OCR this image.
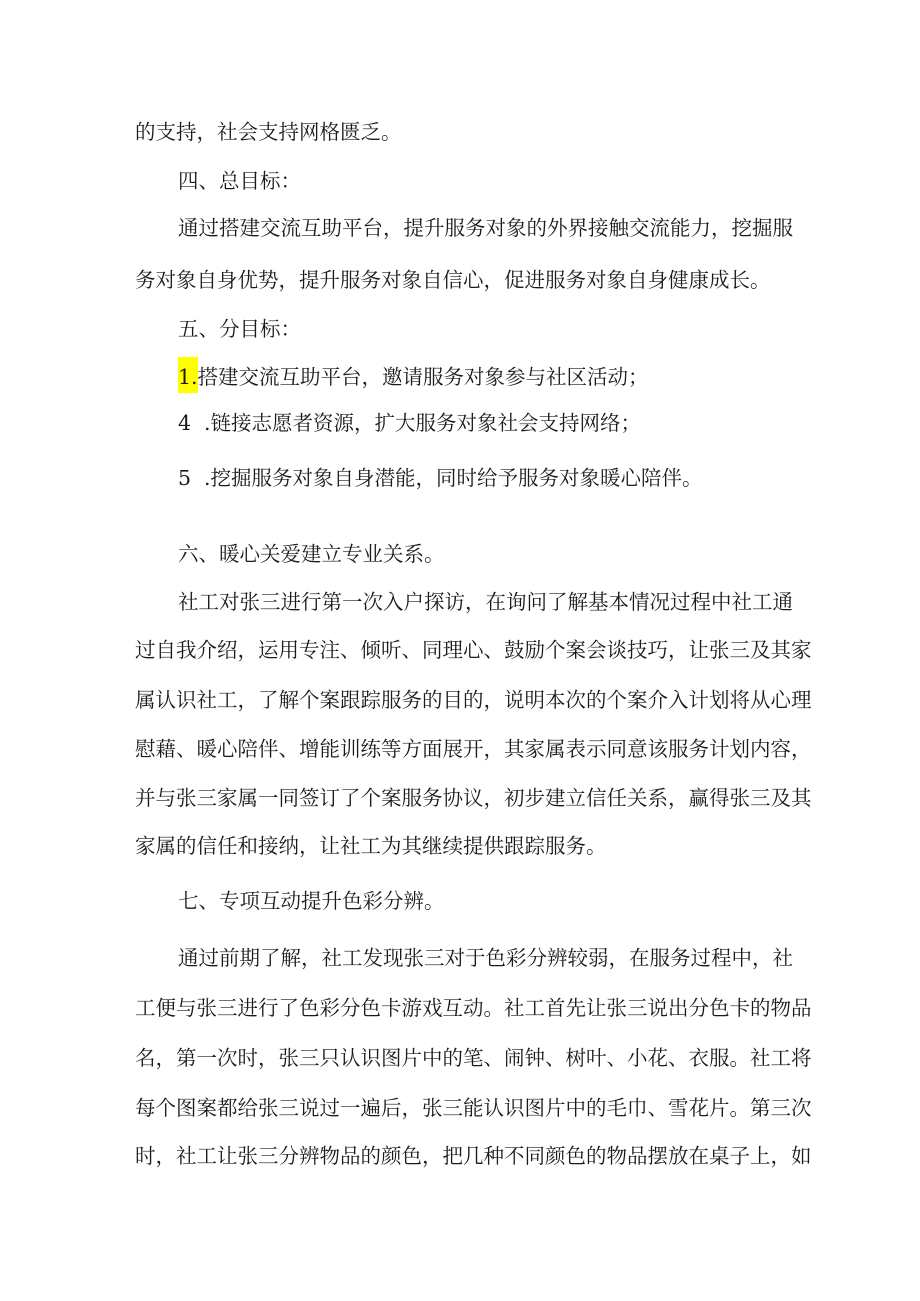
的支持，社会支持网格匮乏。
四、总目标：
通过搭建交流互助平台，提升服务对象的外界接触交流能力，挖掘服
务对象自身优势，提升服务对象自信心，促进服务对象自身健康成长。
五、分目标：
1.搭建交流互助平台，邀请服务对象参与社区活动；
4 .链接志愿者资源，扩大服务对象社会支持网络；
5 .挖掘服务对象自身潜能，同时给予服务对象暖心陪伴。
六、暖心关爱建立专业关系。
社工对张三进行第一次入户探访，在询问了解基本情况过程中社工通
过自我介绍，运用专注、倾听、同理心、鼓励个案会谈技巧，让张三及其家
属认识社工，了解个案跟踪服务的目的，说明本次的个案介入计划将从心理
慰藉、暖心陪伴、增能训练等方面展开，其家属表示同意该服务计划内容，
并与张三家属一同签订了个案服务协议，初步建立信任关系，赢得张三及其
家属的信任和接纳，让社工为其继续提供跟踪服务。
七、专项互动提升色彩分辨。
通过前期了解，社工发现张三对于色彩分辨较弱，在服务过程中，社
工便与张三进行了色彩分色卡游戏互动。社工首先让张三说出分色卡的物品
名，第一次时，张三只认识图片中的笔、闹钟、树叶、小花、衣服。社工将
每个图案都给张三说过一遍后，张三能认识图片中的毛巾、雪花片。第三次
时，社工让张三分辨物品的颜色，把几种不同颜色的物品摆放在桌子上，如
